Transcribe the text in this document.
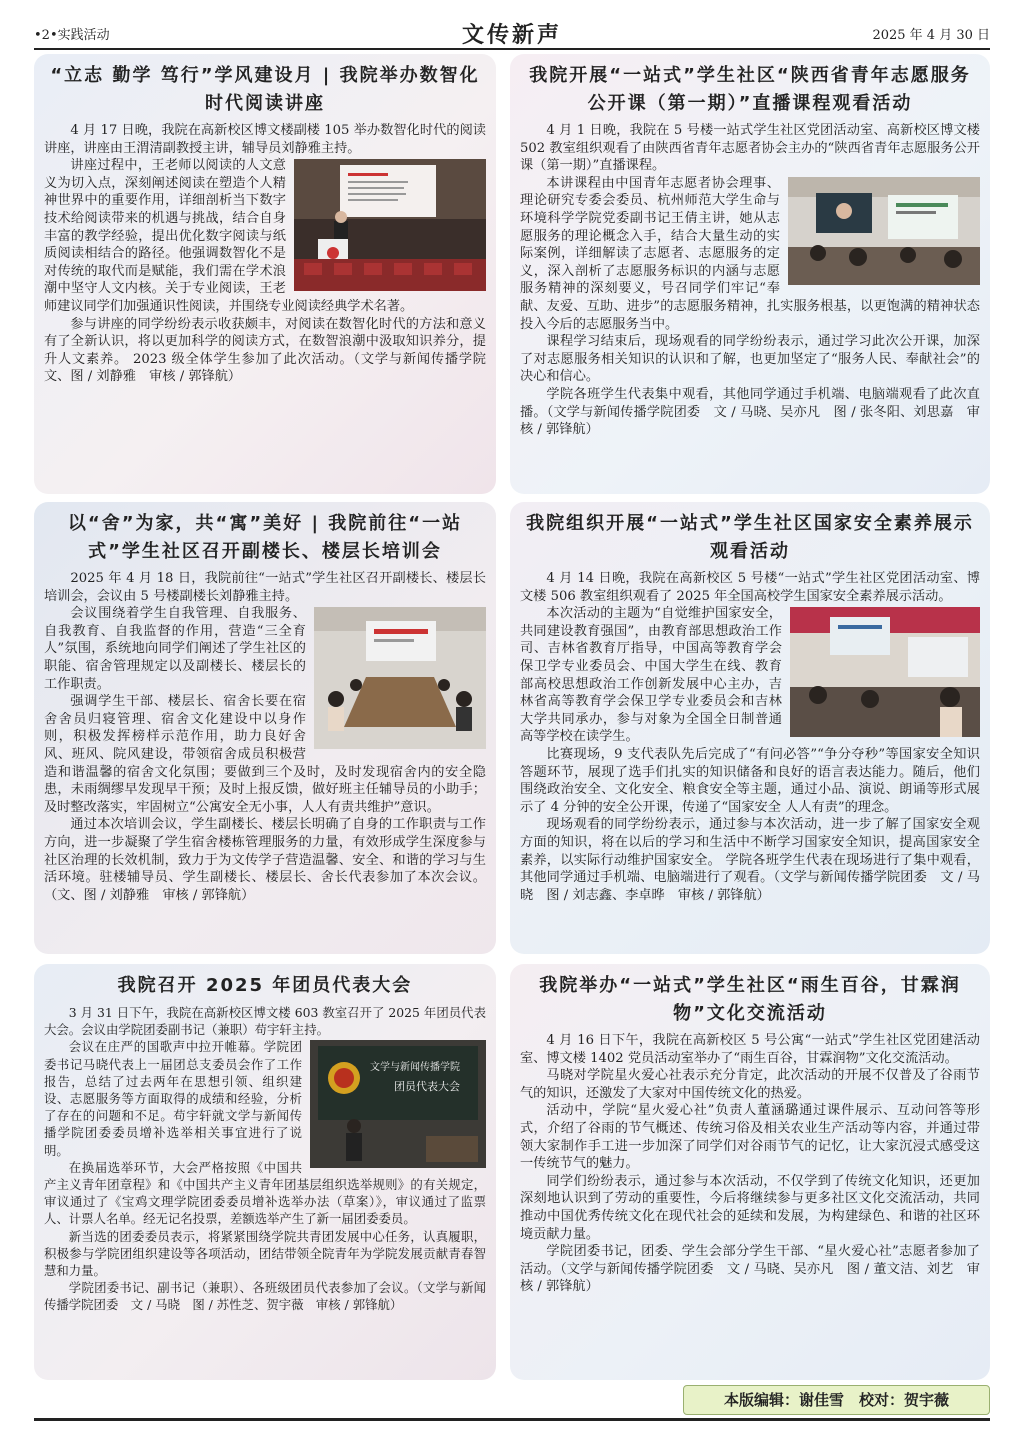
•2•实践活动	文传新声	2025 年 4 月 30 日
“立志 勤学 笃行”学风建设月 | 我院举办数智化时代阅读讲座

4 月 17 日晚，我院在高新校区博文楼副楼 105 举办数智化时代的阅读讲座，讲座由王渭清副教授主讲，辅导员刘静雅主持。

讲座过程中，王老师以阅读的人文意义为切入点，深刻阐述阅读在塑造个人精神世界中的重要作用，详细剖析当下数字技术给阅读带来的机遇与挑战，结合自身丰富的教学经验，提出优化数字阅读与纸质阅读相结合的路径。他强调数智化不是对传统的取代而是赋能，我们需在学术浪潮中坚守人文内核。关于专业阅读，王老师建议同学们加强通识性阅读，并围绕专业阅读经典学术名著。

参与讲座的同学纷纷表示收获颇丰，对阅读在数智化时代的方法和意义有了全新认识，将以更加科学的阅读方式，在数智浪潮中汲取知识养分，提升人文素养。 2023 级全体学生参加了此次活动。（文学与新闻传播学院　文、图 / 刘静雅　审核 / 郭锋航）

我院开展“一站式”学生社区“陕西省青年志愿服务公开课（第一期）”直播课程观看活动

4 月 1 日晚，我院在 5 号楼一站式学生社区党团活动室、高新校区博文楼 502 教室组织观看了由陕西省青年志愿者协会主办的“陕西省青年志愿服务公开课（第一期）”直播课程。

本讲课程由中国青年志愿者协会理事、理论研究专委会委员、杭州师范大学生命与环境科学学院党委副书记王倩主讲，她从志愿服务的理论概念入手，结合大量生动的实际案例，详细解读了志愿者、志愿服务的定义，深入剖析了志愿服务标识的内涵与志愿服务精神的深刻要义，号召同学们牢记“奉献、友爱、互助、进步”的志愿服务精神，扎实服务根基，以更饱满的精神状态投入今后的志愿服务当中。

课程学习结束后，现场观看的同学纷纷表示，通过学习此次公开课，加深了对志愿服务相关知识的认识和了解，也更加坚定了“服务人民、奉献社会”的决心和信心。

学院各班学生代表集中观看，其他同学通过手机端、电脑端观看了此次直播。（文学与新闻传播学院团委　文 / 马晓、吴亦凡　图 / 张冬阳、刘思嘉　审核 / 郭锋航）

以“舍”为家，共“寓”美好 | 我院前往“一站式”学生社区召开副楼长、楼层长培训会

2025 年 4 月 18 日，我院前往“一站式”学生社区召开副楼长、楼层长培训会，会议由 5 号楼副楼长刘静雅主持。

会议围绕着学生自我管理、自我服务、自我教育、自我监督的作用，营造“三全育人”氛围，系统地向同学们阐述了学生社区的职能、宿舍管理规定以及副楼长、楼层长的工作职责。

强调学生干部、楼层长、宿舍长要在宿舍舍员归寝管理、宿舍文化建设中以身作则，积极发挥榜样示范作用，助力良好舍风、班风、院风建设，带领宿舍成员积极营造和谐温馨的宿舍文化氛围；要做到三个及时，及时发现宿舍内的安全隐患，未雨绸缪早发现早干预；及时上报反馈，做好班主任辅导员的小助手；及时整改落实，牢固树立“公寓安全无小事，人人有责共维护”意识。

通过本次培训会议，学生副楼长、楼层长明确了自身的工作职责与工作方向，进一步凝聚了学生宿舍楼栋管理服务的力量，有效形成学生深度参与社区治理的长效机制，致力于为文传学子营造温馨、安全、和谐的学习与生活环境。驻楼辅导员、学生副楼长、楼层长、舍长代表参加了本次会议。（文、图 / 刘静雅　审核 / 郭锋航）

我院组织开展“一站式”学生社区国家安全素养展示观看活动

4 月 14 日晚，我院在高新校区 5 号楼“一站式”学生社区党团活动室、博文楼 506 教室组织观看了 2025 年全国高校学生国家安全素养展示活动。

本次活动的主题为“自觉维护国家安全，共同建设教育强国”，由教育部思想政治工作司、吉林省教育厅指导，中国高等教育学会保卫学专业委员会、中国大学生在线、教育部高校思想政治工作创新发展中心主办，吉林省高等教育学会保卫学专业委员会和吉林大学共同承办，参与对象为全国全日制普通高等学校在读学生。

比赛现场，9 支代表队先后完成了“有问必答”“争分夺秒”等国家安全知识答题环节，展现了选手们扎实的知识储备和良好的语言表达能力。随后，他们围绕政治安全、文化安全、粮食安全等主题，通过小品、演说、朗诵等形式展示了 4 分钟的安全公开课，传递了“国家安全 人人有责”的理念。

现场观看的同学纷纷表示，通过参与本次活动，进一步了解了国家安全观方面的知识，将在以后的学习和生活中不断学习国家安全知识，提高国家安全素养，以实际行动维护国家安全。 学院各班学生代表在现场进行了集中观看，其他同学通过手机端、电脑端进行了观看。（文学与新闻传播学院团委　文 / 马晓　图 / 刘志鑫、李卓晔　审核 / 郭锋航）

我院召开 2025 年团员代表大会

3 月 31 日下午，我院在高新校区博文楼 603 教室召开了 2025 年团员代表大会。会议由学院团委副书记（兼职）苟宇轩主持。

文学与新闻传播学院
团员代表大会

会议在庄严的国歌声中拉开帷幕。学院团委书记马晓代表上一届团总支委员会作了工作报告，总结了过去两年在思想引领、组织建设、志愿服务等方面取得的成绩和经验，分析了存在的问题和不足。苟宇轩就文学与新闻传播学院团委委员增补选举相关事宜进行了说明。

在换届选举环节，大会严格按照《中国共产主义青年团章程》和《中国共产主义青年团基层组织选举规则》的有关规定，审议通过了《宝鸡文理学院团委委员增补选举办法（草案）》，审议通过了监票人、计票人名单。经无记名投票，差额选举产生了新一届团委委员。

新当选的团委委员表示，将紧紧围绕学院共青团发展中心任务，认真履职，积极参与学院团组织建设等各项活动，团结带领全院青年为学院发展贡献青春智慧和力量。

学院团委书记、副书记（兼职）、各班级团员代表参加了会议。（文学与新闻传播学院团委　文 / 马晓　图 / 苏性芝、贺宇薇　审核 / 郭锋航）

我院举办“一站式”学生社区“雨生百谷，甘霖润物”文化交流活动

4 月 16 日下午，我院在高新校区 5 号公寓“一站式”学生社区党团建活动室、博文楼 1402 党员活动室举办了“雨生百谷，甘霖润物”文化交流活动。

马晓对学院星火爱心社表示充分肯定，此次活动的开展不仅普及了谷雨节气的知识，还激发了大家对中国传统文化的热爱。

活动中，学院“星火爱心社”负责人董涵璐通过课件展示、互动问答等形式，介绍了谷雨的节气概述、传统习俗及相关农业生产活动等内容，并通过带领大家制作手工进一步加深了同学们对谷雨节气的记忆，让大家沉浸式感受这一传统节气的魅力。

同学们纷纷表示，通过参与本次活动，不仅学到了传统文化知识，还更加深刻地认识到了劳动的重要性，今后将继续参与更多社区文化交流活动，共同推动中国优秀传统文化在现代社会的延续和发展，为构建绿色、和谐的社区环境贡献力量。

学院团委书记，团委、学生会部分学生干部、“星火爱心社”志愿者参加了活动。（文学与新闻传播学院团委　文 / 马晓、吴亦凡　图 / 董文洁、刘艺　审核 / 郭锋航）

本版编辑：谢佳雪　校对：贺宇薇
